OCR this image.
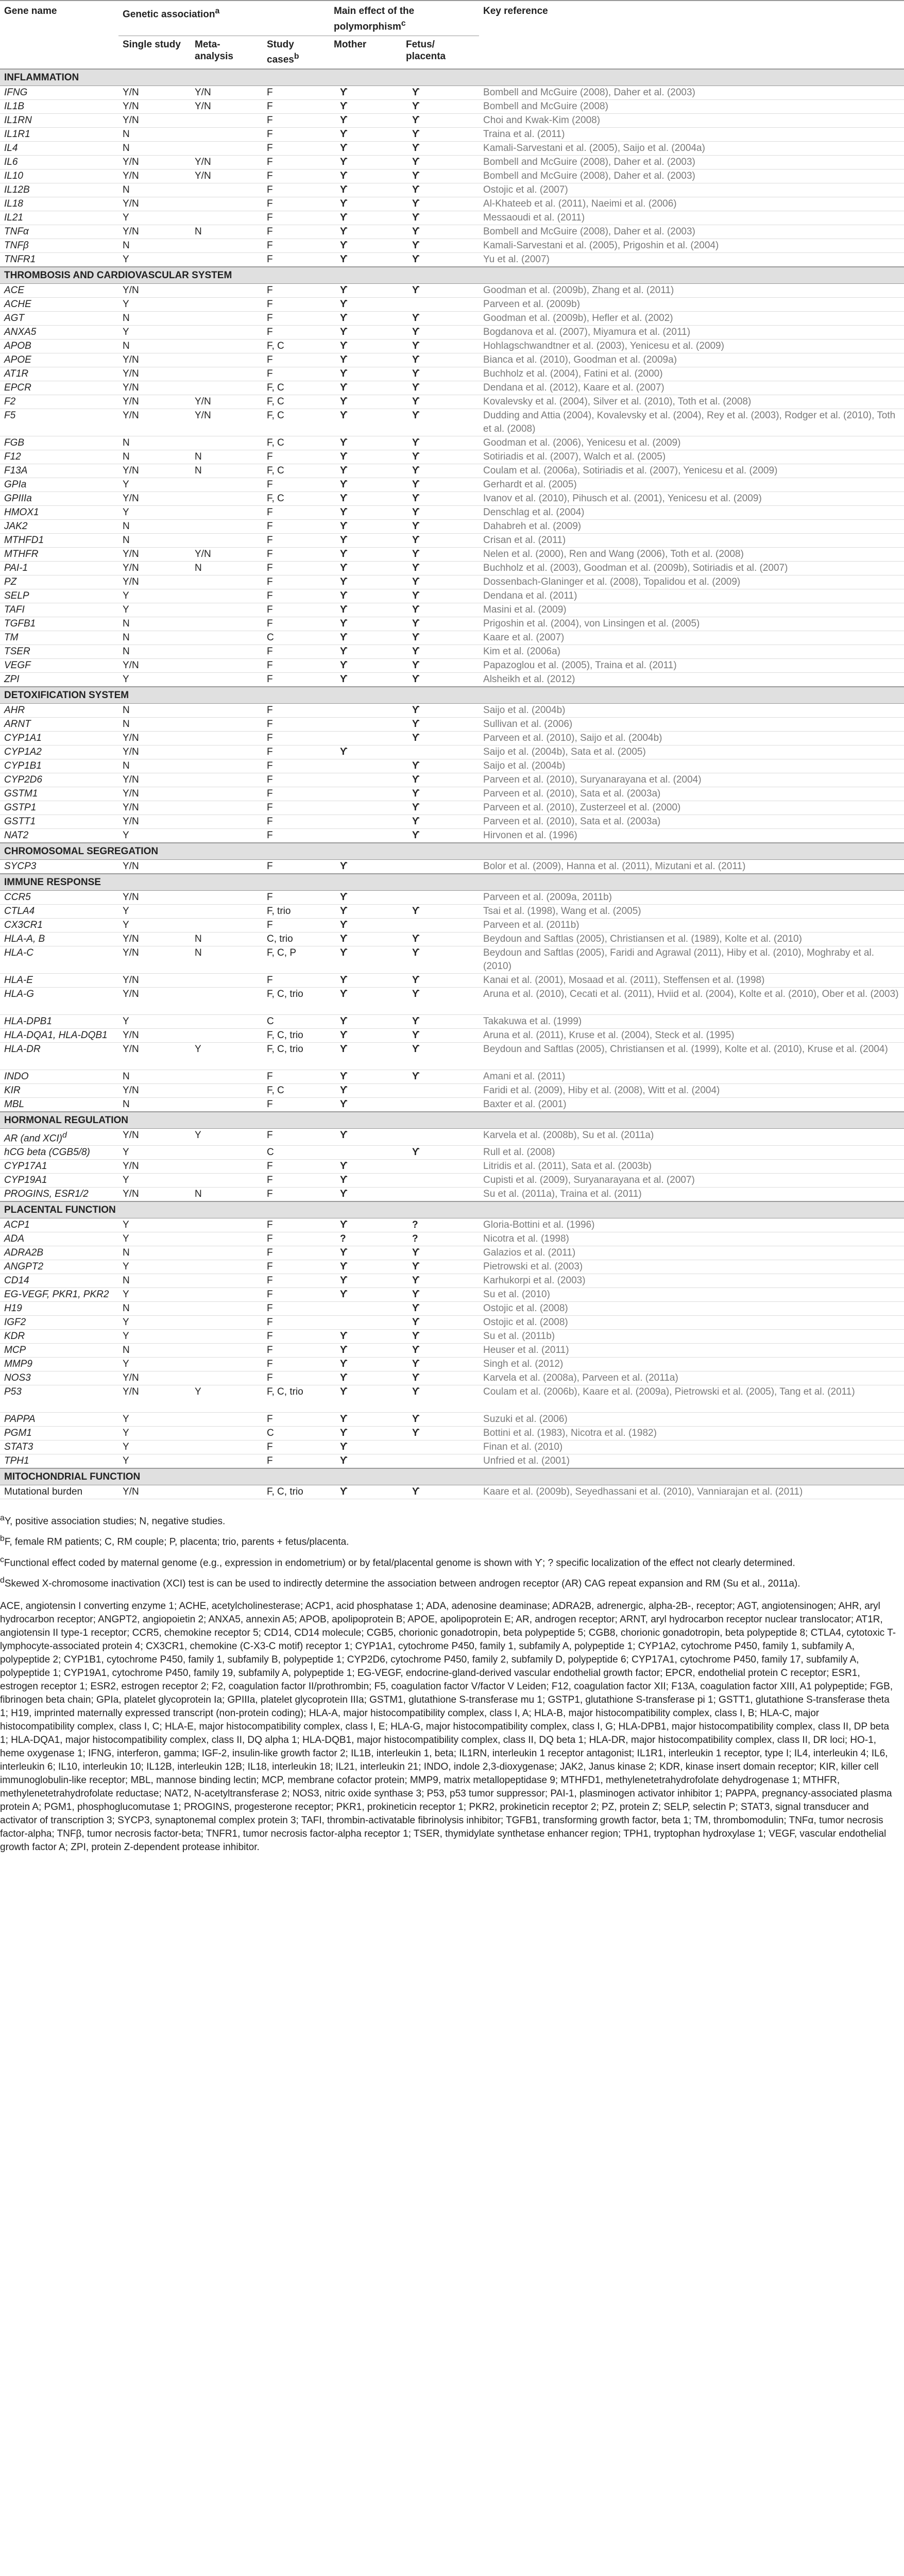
Gene name	Genetic association$^a$			Main effect of the polymorphism$^c$		Key reference
	Single study	Meta-analysis	Study cases$^b$	Mother	Fetus/ placenta	
INFLAMMATION						
IFNG	Y/N	Y/N	F	ϒ	ϒ	Bombell and McGuire (2008), Daher et al. (2003)
IL1B	Y/N	Y/N	F	ϒ	ϒ	Bombell and McGuire (2008)
IL1RN	Y/N		F	ϒ	ϒ	Choi and Kwak-Kim (2008)
IL1R1	N		F	ϒ	ϒ	Traina et al. (2011)
IL4	N		F	ϒ	ϒ	Kamali-Sarvestani et al. (2005), Saijo et al. (2004a)
IL6	Y/N	Y/N	F	ϒ	ϒ	Bombell and McGuire (2008), Daher et al. (2003)
IL10	Y/N	Y/N	F	ϒ	ϒ	Bombell and McGuire (2008), Daher et al. (2003)
IL12B	N		F	ϒ	ϒ	Ostojic et al. (2007)
IL18	Y/N		F	ϒ	ϒ	Al-Khateeb et al. (2011), Naeimi et al. (2006)
IL21	Y		F	ϒ	ϒ	Messaoudi et al. (2011)
TNFα	Y/N	N	F	ϒ	ϒ	Bombell and McGuire (2008), Daher et al. (2003)
TNFβ	N		F	ϒ	ϒ	Kamali-Sarvestani et al. (2005), Prigoshin et al. (2004)
TNFR1	Y		F	ϒ	ϒ	Yu et al. (2007)
THROMBOSIS AND CARDIOVASCULAR SYSTEM						
ACE	Y/N		F	ϒ	ϒ	Goodman et al. (2009b), Zhang et al. (2011)
ACHE	Y		F	ϒ		Parveen et al. (2009b)
AGT	N		F	ϒ	ϒ	Goodman et al. (2009b), Hefler et al. (2002)
ANXA5	Y		F	ϒ	ϒ	Bogdanova et al. (2007), Miyamura et al. (2011)
APOB	N		F, C	ϒ	ϒ	Hohlagschwandtner et al. (2003), Yenicesu et al. (2009)
APOE	Y/N		F	ϒ	ϒ	Bianca et al. (2010), Goodman et al. (2009a)
AT1R	Y/N		F	ϒ	ϒ	Buchholz et al. (2004), Fatini et al. (2000)
EPCR	Y/N		F, C	ϒ	ϒ	Dendana et al. (2012), Kaare et al. (2007)
F2	Y/N	Y/N	F, C	ϒ	ϒ	Kovalevsky et al. (2004), Silver et al. (2010), Toth et al. (2008)
F5	Y/N	Y/N	F, C	ϒ	ϒ	Dudding and Attia (2004), Kovalevsky et al. (2004), Rey et al. (2003), Rodger et al. (2010), Toth et al. (2008)
FGB	N		F, C	ϒ	ϒ	Goodman et al. (2006), Yenicesu et al. (2009)
F12	N	N	F	ϒ	ϒ	Sotiriadis et al. (2007), Walch et al. (2005)
F13A	Y/N	N	F, C	ϒ	ϒ	Coulam et al. (2006a), Sotiriadis et al. (2007), Yenicesu et al. (2009)
GPIa	Y		F	ϒ	ϒ	Gerhardt et al. (2005)
GPIIIa	Y/N		F, C	ϒ	ϒ	Ivanov et al. (2010), Pihusch et al. (2001), Yenicesu et al. (2009)
HMOX1	Y		F	ϒ	ϒ	Denschlag et al. (2004)
JAK2	N		F	ϒ	ϒ	Dahabreh et al. (2009)
MTHFD1	N		F	ϒ	ϒ	Crisan et al. (2011)
MTHFR	Y/N	Y/N	F	ϒ	ϒ	Nelen et al. (2000), Ren and Wang (2006), Toth et al. (2008)
PAI-1	Y/N	N	F	ϒ	ϒ	Buchholz et al. (2003), Goodman et al. (2009b), Sotiriadis et al. (2007)
PZ	Y/N		F	ϒ	ϒ	Dossenbach-Glaninger et al. (2008), Topalidou et al. (2009)
SELP	Y		F	ϒ	ϒ	Dendana et al. (2011)
TAFI	Y		F	ϒ	ϒ	Masini et al. (2009)
TGFB1	N		F	ϒ	ϒ	Prigoshin et al. (2004), von Linsingen et al. (2005)
TM	N		C	ϒ	ϒ	Kaare et al. (2007)
TSER	N		F	ϒ	ϒ	Kim et al. (2006a)
VEGF	Y/N		F	ϒ	ϒ	Papazoglou et al. (2005), Traina et al. (2011)
ZPI	Y		F	ϒ	ϒ	Alsheikh et al. (2012)
DETOXIFICATION SYSTEM						
AHR	N		F		ϒ	Saijo et al. (2004b)
ARNT	N		F		ϒ	Sullivan et al. (2006)
CYP1A1	Y/N		F		ϒ	Parveen et al. (2010), Saijo et al. (2004b)
CYP1A2	Y/N		F	ϒ		Saijo et al. (2004b), Sata et al. (2005)
CYP1B1	N		F		ϒ	Saijo et al. (2004b)
CYP2D6	Y/N		F		ϒ	Parveen et al. (2010), Suryanarayana et al. (2004)
GSTM1	Y/N		F		ϒ	Parveen et al. (2010), Sata et al. (2003a)
GSTP1	Y/N		F		ϒ	Parveen et al. (2010), Zusterzeel et al. (2000)
GSTT1	Y/N		F		ϒ	Parveen et al. (2010), Sata et al. (2003a)
NAT2	Y		F		ϒ	Hirvonen et al. (1996)
CHROMOSOMAL SEGREGATION						
SYCP3	Y/N		F	ϒ		Bolor et al. (2009), Hanna et al. (2011), Mizutani et al. (2011)
IMMUNE RESPONSE						
CCR5	Y/N		F	ϒ		Parveen et al. (2009a, 2011b)
CTLA4	Y		F, trio	ϒ	ϒ	Tsai et al. (1998), Wang et al. (2005)
CX3CR1	Y		F	ϒ		Parveen et al. (2011b)
HLA-A, B	Y/N	N	C, trio	ϒ	ϒ	Beydoun and Saftlas (2005), Christiansen et al. (1989), Kolte et al. (2010)
HLA-C	Y/N	N	F, C, P	ϒ	ϒ	Beydoun and Saftlas (2005), Faridi and Agrawal (2011), Hiby et al. (2010), Moghraby et al. (2010)
HLA-E	Y/N		F	ϒ	ϒ	Kanai et al. (2001), Mosaad et al. (2011), Steffensen et al. (1998)
HLA-G	Y/N		F, C, trio	ϒ	ϒ	Aruna et al. (2010), Cecati et al. (2011), Hviid et al. (2004), Kolte et al. (2010), Ober et al. (2003)
HLA-DPB1	Y		C	ϒ	ϒ	Takakuwa et al. (1999)
HLA-DQA1, HLA-DQB1	Y/N		F, C, trio	ϒ	ϒ	Aruna et al. (2011), Kruse et al. (2004), Steck et al. (1995)
HLA-DR	Y/N	Y	F, C, trio	ϒ	ϒ	Beydoun and Saftlas (2005), Christiansen et al. (1999), Kolte et al. (2010), Kruse et al. (2004)
INDO	N		F	ϒ	ϒ	Amani et al. (2011)
KIR	Y/N		F, C	ϒ		Faridi et al. (2009), Hiby et al. (2008), Witt et al. (2004)
MBL	N		F	ϒ		Baxter et al. (2001)
HORMONAL REGULATION						
AR (and XCI)$^d$	Y/N	Y	F	ϒ		Karvela et al. (2008b), Su et al. (2011a)
hCG beta (CGB5/8)	Y		C		ϒ	Rull et al. (2008)
CYP17A1	Y/N		F	ϒ		Litridis et al. (2011), Sata et al. (2003b)
CYP19A1	Y		F	ϒ		Cupisti et al. (2009), Suryanarayana et al. (2007)
PROGINS, ESR1/2	Y/N	N	F	ϒ		Su et al. (2011a), Traina et al. (2011)
PLACENTAL FUNCTION						
ACP1	Y		F	ϒ	?	Gloria-Bottini et al. (1996)
ADA	Y		F	?	?	Nicotra et al. (1998)
ADRA2B	N		F	ϒ	ϒ	Galazios et al. (2011)
ANGPT2	Y		F	ϒ	ϒ	Pietrowski et al. (2003)
CD14	N		F	ϒ	ϒ	Karhukorpi et al. (2003)
EG-VEGF, PKR1, PKR2	Y		F	ϒ	ϒ	Su et al. (2010)
H19	N		F		ϒ	Ostojic et al. (2008)
IGF2	Y		F		ϒ	Ostojic et al. (2008)
KDR	Y		F	ϒ	ϒ	Su et al. (2011b)
MCP	N		F	ϒ	ϒ	Heuser et al. (2011)
MMP9	Y		F	ϒ	ϒ	Singh et al. (2012)
NOS3	Y/N		F	ϒ	ϒ	Karvela et al. (2008a), Parveen et al. (2011a)
P53	Y/N	Y	F, C, trio	ϒ	ϒ	Coulam et al. (2006b), Kaare et al. (2009a), Pietrowski et al. (2005), Tang et al. (2011)
PAPPA	Y		F	ϒ	ϒ	Suzuki et al. (2006)
PGM1	Y		C	ϒ	ϒ	Bottini et al. (1983), Nicotra et al. (1982)
STAT3	Y		F	ϒ		Finan et al. (2010)
TPH1	Y		F	ϒ		Unfried et al. (2001)
MITOCHONDRIAL FUNCTION						
Mutational burden	Y/N		F, C, trio	ϒ	ϒ	Kaare et al. (2009b), Seyedhassani et al. (2010), Vanniarajan et al. (2011)

$^a$Y, positive association studies; N, negative studies.

$^b$F, female RM patients; C, RM couple; P, placenta; trio, parents + fetus/placenta.

$^c$Functional effect coded by maternal genome (e.g., expression in endometrium) or by fetal/placental genome is shown with ϒ; ? specific localization of the effect not clearly determined.

$^d$Skewed X-chromosome inactivation (XCI) test is can be used to indirectly determine the association between androgen receptor (AR) CAG repeat expansion and RM (Su et al., 2011a).

ACE, angiotensin I converting enzyme 1; ACHE, acetylcholinesterase; ACP1, acid phosphatase 1; ADA, adenosine deaminase; ADRA2B, adrenergic, alpha-2B-, receptor; AGT, angiotensinogen; AHR, aryl hydrocarbon receptor; ANGPT2, angiopoietin 2; ANXA5, annexin A5; APOB, apolipoprotein B; APOE, apolipoprotein E; AR, androgen receptor; ARNT, aryl hydrocarbon receptor nuclear translocator; AT1R, angiotensin II type-1 receptor; CCR5, chemokine receptor 5; CD14, CD14 molecule; CGB5, chorionic gonadotropin, beta polypeptide 5; CGB8, chorionic gonadotropin, beta polypeptide 8; CTLA4, cytotoxic T-lymphocyte-associated protein 4; CX3CR1, chemokine (C-X3-C motif) receptor 1; CYP1A1, cytochrome P450, family 1, subfamily A, polypeptide 1; CYP1A2, cytochrome P450, family 1, subfamily A, polypeptide 2; CYP1B1, cytochrome P450, family 1, subfamily B, polypeptide 1; CYP2D6, cytochrome P450, family 2, subfamily D, polypeptide 6; CYP17A1, cytochrome P450, family 17, subfamily A, polypeptide 1; CYP19A1, cytochrome P450, family 19, subfamily A, polypeptide 1; EG-VEGF, endocrine-gland-derived vascular endothelial growth factor; EPCR, endothelial protein C receptor; ESR1, estrogen receptor 1; ESR2, estrogen receptor 2; F2, coagulation factor II/prothrombin; F5, coagulation factor V/factor V Leiden; F12, coagulation factor XII; F13A, coagulation factor XIII, A1 polypeptide; FGB, fibrinogen beta chain; GPIa, platelet glycoprotein Ia; GPIIIa, platelet glycoprotein IIIa; GSTM1, glutathione S-transferase mu 1; GSTP1, glutathione S-transferase pi 1; GSTT1, glutathione S-transferase theta 1; H19, imprinted maternally expressed transcript (non-protein coding); HLA-A, major histocompatibility complex, class I, A; HLA-B, major histocompatibility complex, class I, B; HLA-C, major histocompatibility complex, class I, C; HLA-E, major histocompatibility complex, class I, E; HLA-G, major histocompatibility complex, class I, G; HLA-DPB1, major histocompatibility complex, class II, DP beta 1; HLA-DQA1, major histocompatibility complex, class II, DQ alpha 1; HLA-DQB1, major histocompatibility complex, class II, DQ beta 1; HLA-DR, major histocompatibility complex, class II, DR loci; HO-1, heme oxygenase 1; IFNG, interferon, gamma; IGF-2, insulin-like growth factor 2; IL1B, interleukin 1, beta; IL1RN, interleukin 1 receptor antagonist; IL1R1, interleukin 1 receptor, type I; IL4, interleukin 4; IL6, interleukin 6; IL10, interleukin 10; IL12B, interleukin 12B; IL18, interleukin 18; IL21, interleukin 21; INDO, indole 2,3-dioxygenase; JAK2, Janus kinase 2; KDR, kinase insert domain receptor; KIR, killer cell immunoglobulin-like receptor; MBL, mannose binding lectin; MCP, membrane cofactor protein; MMP9, matrix metallopeptidase 9; MTHFD1, methylenetetrahydrofolate dehydrogenase 1; MTHFR, methylenetetrahydrofolate reductase; NAT2, N-acetyltransferase 2; NOS3, nitric oxide synthase 3; P53, p53 tumor suppressor; PAI-1, plasminogen activator inhibitor 1; PAPPA, pregnancy-associated plasma protein A; PGM1, phosphoglucomutase 1; PROGINS, progesterone receptor; PKR1, prokineticin receptor 1; PKR2, prokineticin receptor 2; PZ, protein Z; SELP, selectin P; STAT3, signal transducer and activator of transcription 3; SYCP3, synaptonemal complex protein 3; TAFI, thrombin-activatable fibrinolysis inhibitor; TGFB1, transforming growth factor, beta 1; TM, thrombomodulin; TNFα, tumor necrosis factor-alpha; TNFβ, tumor necrosis factor-beta; TNFR1, tumor necrosis factor-alpha receptor 1; TSER, thymidylate synthetase enhancer region; TPH1, tryptophan hydroxylase 1; VEGF, vascular endothelial growth factor A; ZPI, protein Z-dependent protease inhibitor.
